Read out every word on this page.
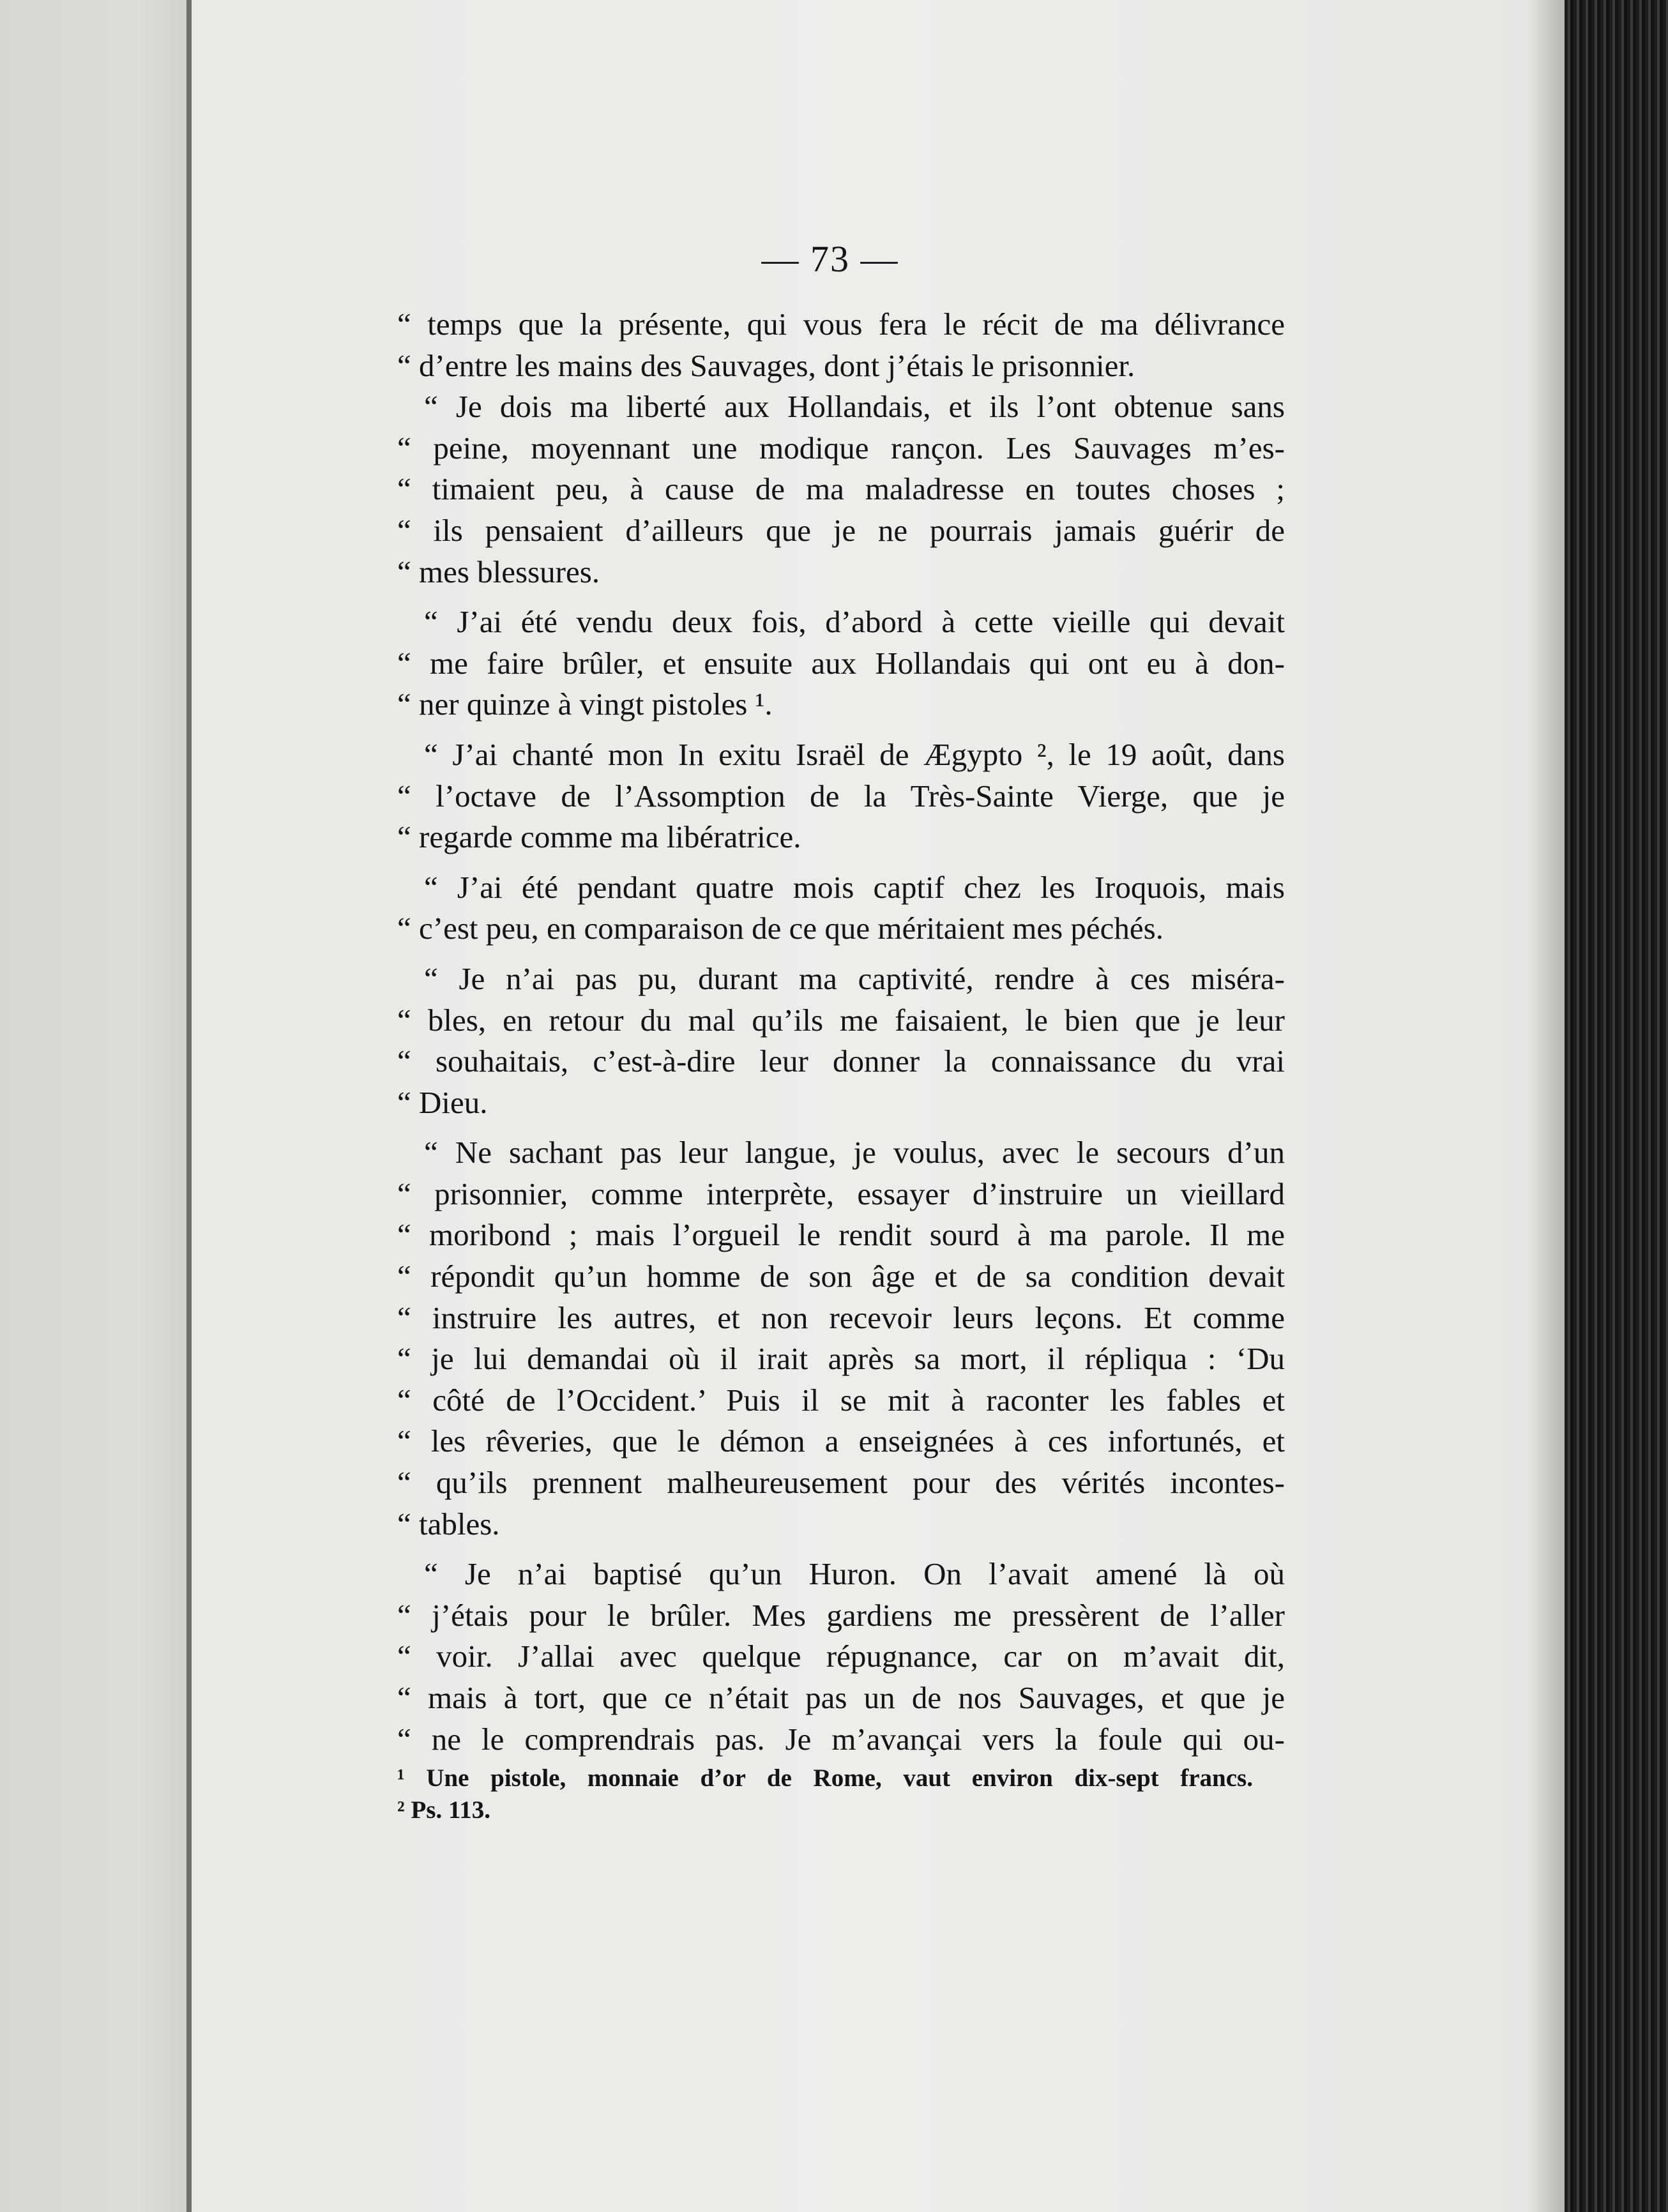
— 73 —
“ temps que la présente, qui vous fera le récit de ma délivrance
“ d’entre les mains des Sauvages, dont j’étais le prisonnier.
“ Je dois ma liberté aux Hollandais, et ils l’ont obtenue sans
“ peine, moyennant une modique rançon. Les Sauvages m’es-
“ timaient peu, à cause de ma maladresse en toutes choses ;
“ ils pensaient d’ailleurs que je ne pourrais jamais guérir de
“ mes blessures.
“ J’ai été vendu deux fois, d’abord à cette vieille qui devait
“ me faire brûler, et ensuite aux Hollandais qui ont eu à don-
“ ner quinze à vingt pistoles ¹.
“ J’ai chanté mon In exitu Israël de Ægypto ², le 19 août, dans
“ l’octave de l’Assomption de la Très-Sainte Vierge, que je
“ regarde comme ma libératrice.
“ J’ai été pendant quatre mois captif chez les Iroquois, mais
“ c’est peu, en comparaison de ce que méritaient mes péchés.
“ Je n’ai pas pu, durant ma captivité, rendre à ces miséra-
“ bles, en retour du mal qu’ils me faisaient, le bien que je leur
“ souhaitais, c’est-à-dire leur donner la connaissance du vrai
“ Dieu.
“ Ne sachant pas leur langue, je voulus, avec le secours d’un
“ prisonnier, comme interprète, essayer d’instruire un vieillard
“ moribond ; mais l’orgueil le rendit sourd à ma parole. Il me
“ répondit qu’un homme de son âge et de sa condition devait
“ instruire les autres, et non recevoir leurs leçons. Et comme
“ je lui demandai où il irait après sa mort, il répliqua : ‘Du
“ côté de l’Occident.’ Puis il se mit à raconter les fables et
“ les rêveries, que le démon a enseignées à ces infortunés, et
“ qu’ils prennent malheureusement pour des vérités incontes-
“ tables.
“ Je n’ai baptisé qu’un Huron. On l’avait amené là où
“ j’étais pour le brûler. Mes gardiens me pressèrent de l’aller
“ voir. J’allai avec quelque répugnance, car on m’avait dit,
“ mais à tort, que ce n’était pas un de nos Sauvages, et que je
“ ne le comprendrais pas. Je m’avançai vers la foule qui ou-
¹ Une pistole, monnaie d’or de Rome, vaut environ dix-sept francs.
² Ps. 113.
